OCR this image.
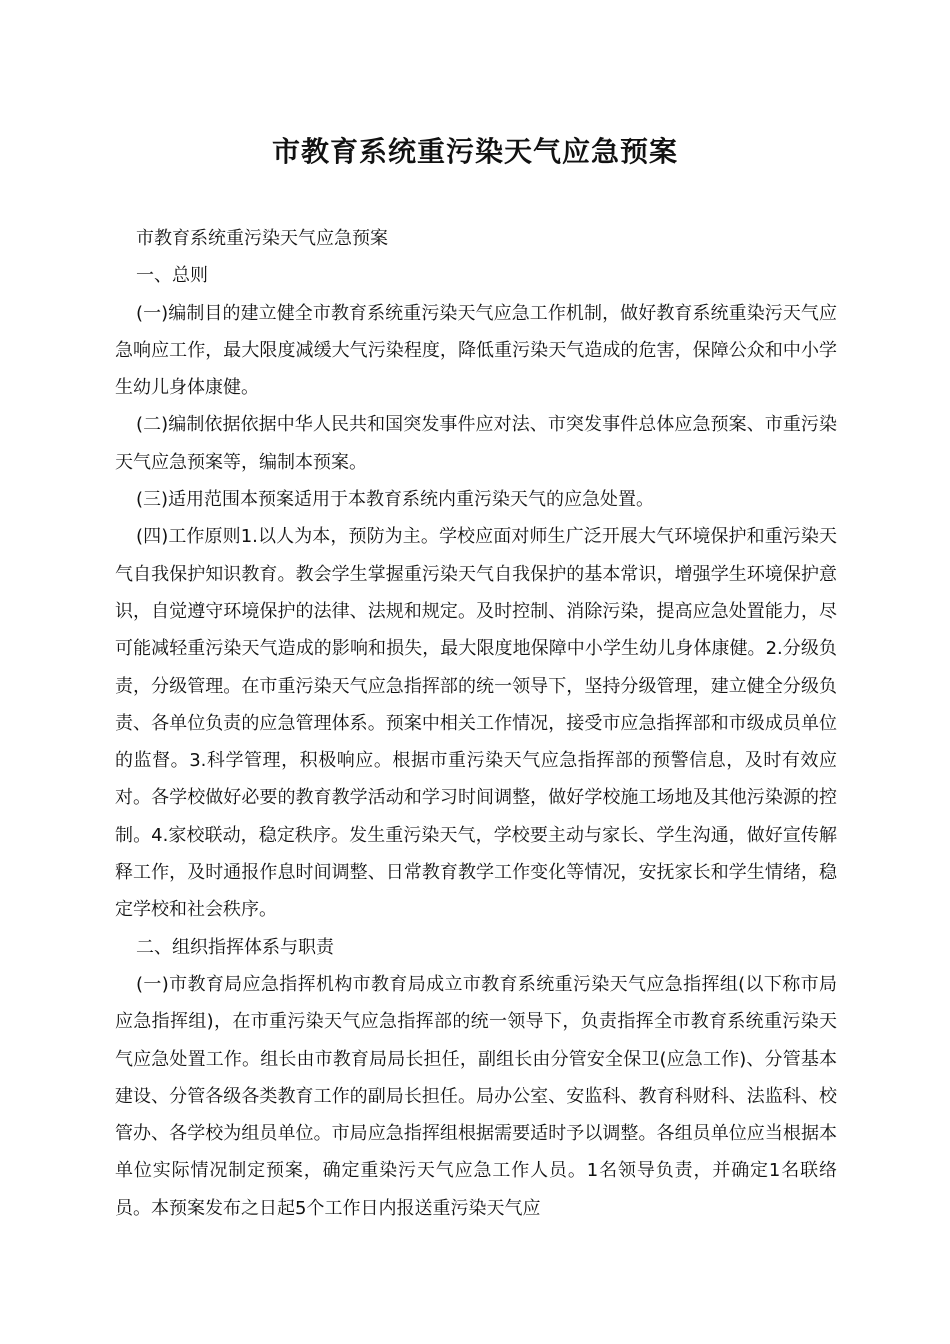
市教育系统重污染天气应急预案

市教育系统重污染天气应急预案

一、总则

(一)编制目的建立健全市教育系统重污染天气应急工作机制，做好教育系统重染污天气应急响应工作，最大限度减缓大气污染程度，降低重污染天气造成的危害，保障公众和中小学生幼儿身体康健。

(二)编制依据依据中华人民共和国突发事件应对法、市突发事件总体应急预案、市重污染天气应急预案等，编制本预案。

(三)适用范围本预案适用于本教育系统内重污染天气的应急处置。

(四)工作原则1.以人为本，预防为主。学校应面对师生广泛开展大气环境保护和重污染天气自我保护知识教育。教会学生掌握重污染天气自我保护的基本常识，增强学生环境保护意识，自觉遵守环境保护的法律、法规和规定。及时控制、消除污染，提高应急处置能力，尽可能减轻重污染天气造成的影响和损失，最大限度地保障中小学生幼儿身体康健。2.分级负责，分级管理。在市重污染天气应急指挥部的统一领导下，坚持分级管理，建立健全分级负责、各单位负责的应急管理体系。预案中相关工作情况，接受市应急指挥部和市级成员单位的监督。3.科学管理，积极响应。根据市重污染天气应急指挥部的预警信息，及时有效应对。各学校做好必要的教育教学活动和学习时间调整，做好学校施工场地及其他污染源的控制。4.家校联动，稳定秩序。发生重污染天气，学校要主动与家长、学生沟通，做好宣传解释工作，及时通报作息时间调整、日常教育教学工作变化等情况，安抚家长和学生情绪，稳定学校和社会秩序。

二、组织指挥体系与职责

(一)市教育局应急指挥机构市教育局成立市教育系统重污染天气应急指挥组(以下称市局应急指挥组)，在市重污染天气应急指挥部的统一领导下，负责指挥全市教育系统重污染天气应急处置工作。组长由市教育局局长担任，副组长由分管安全保卫(应急工作)、分管基本建设、分管各级各类教育工作的副局长担任。局办公室、安监科、教育科财科、法监科、校管办、各学校为组员单位。市局应急指挥组根据需要适时予以调整。各组员单位应当根据本单位实际情况制定预案，确定重染污天气应急工作人员。1名领导负责，并确定1名联络员。本预案发布之日起5个工作日内报送重污染天气应
